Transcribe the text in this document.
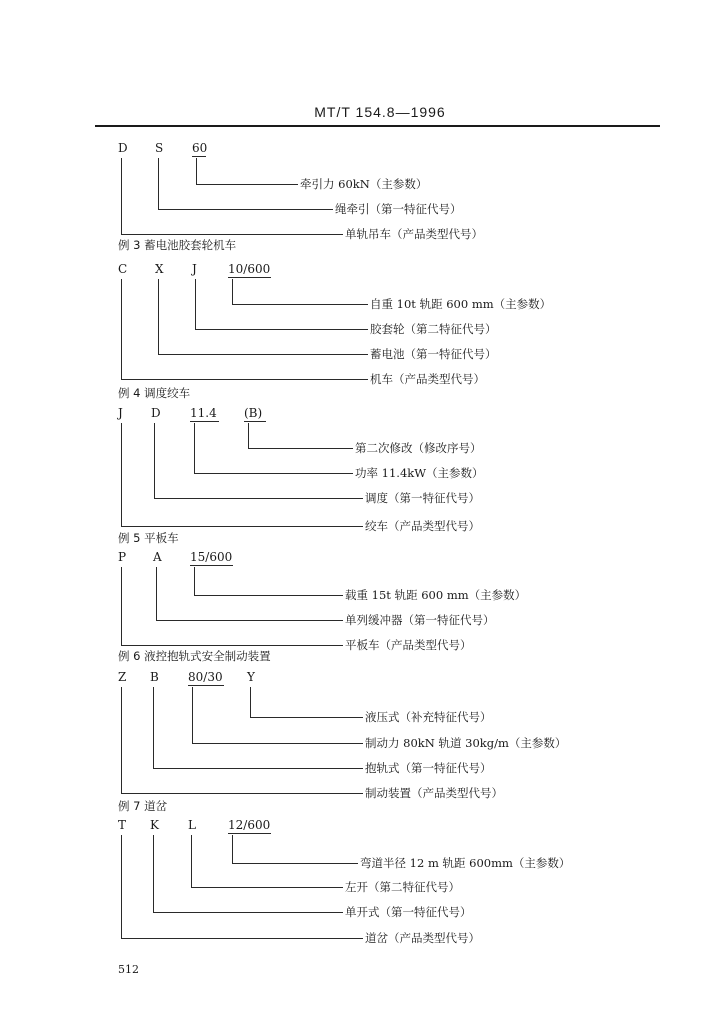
MT/T 154.8—1996
D S 60
牵引力 60kN（主参数）
绳牵引（第一特征代号）
单轨吊车（产品类型代号）
例 3 蓄电池胶套轮机车
C X J	10/600
自重 10t 轨距 600 mm（主参数）
胶套轮（第二特征代号）
蓄电池（第一特征代号）
机车（产品类型代号）
例 4 调度绞车
J D 11.4 (B)
第二次修改（修改序号）
功率 11.4kW（主参数）
调度（第一特征代号）
绞车（产品类型代号）
例 5 平板车
P A 15/600
载重 15t 轨距 600 mm（主参数）
单列缓冲器（第一特征代号）
平板车（产品类型代号）
例 6 液控抱轨式安全制动装置
Z B 80/30 Y
液压式（补充特征代号）
制动力 80kN 轨道 30kg/m（主参数）
抱轨式（第一特征代号）
制动装置（产品类型代号）
例 7 道岔
T K L	12/600
弯道半径 12 m 轨距 600mm（主参数）
左开（第二特征代号）
单开式（第一特征代号）
道岔（产品类型代号）
512
